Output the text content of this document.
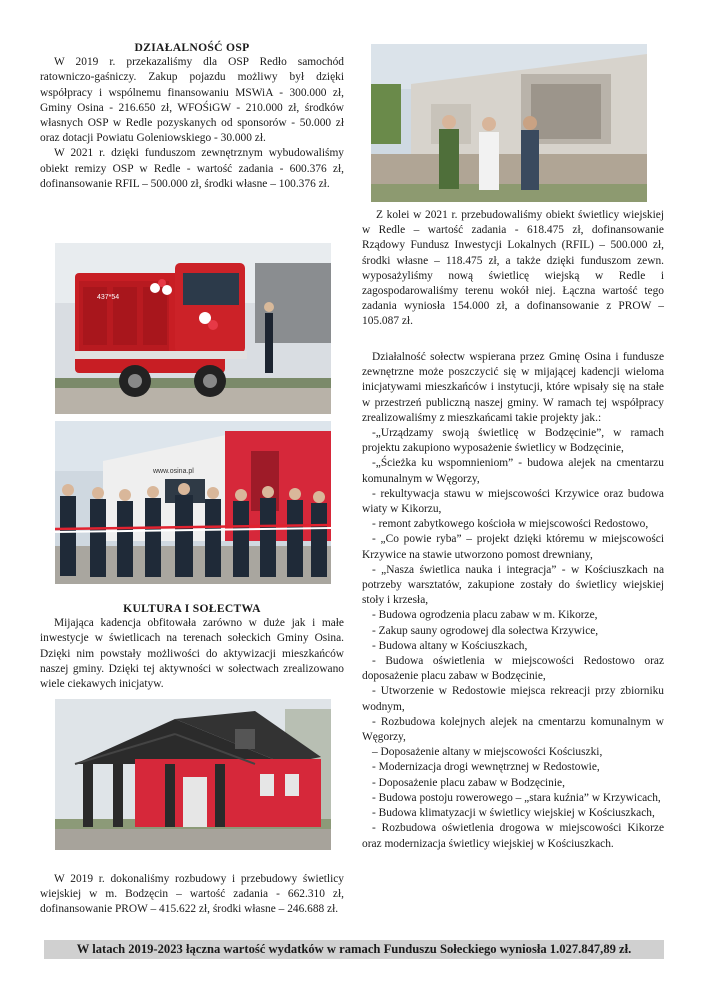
DZIAŁALNOŚĆ OSP

W 2019 r. przekazaliśmy dla OSP Redło samochód ratowniczo-gaśniczy. Zakup pojazdu możliwy był dzięki współpracy i wspólnemu finansowaniu MSWiA - 300.000 zł, Gminy Osina - 216.650 zł, WFOŚiGW - 210.000 zł, środków własnych OSP w Redle pozyskanych od sponsorów - 50.000 zł oraz dotacji Powiatu Goleniowskiego - 30.000 zł.

W 2021 r. dzięki funduszom zewnętrznym wybudowaliśmy obiekt remizy OSP w Redle - wartość zadania - 600.376 zł, dofinansowanie RFIL – 500.000 zł, środki własne – 100.376 zł.

437*54
www.osina.pl

KULTURA I SOŁECTWA

Mijająca kadencja obfitowała zarówno w duże jak i małe inwestycje w świetlicach na terenach sołeckich Gminy Osina. Dzięki nim powstały możliwości do aktywizacji mieszkańców naszej gminy. Dzięki tej aktywności w sołectwach zrealizowano wiele ciekawych inicjatyw.

W 2019 r. dokonaliśmy rozbudowy i przebudowy świetlicy wiejskiej w m. Bodzęcin – wartość zadania - 662.310 zł, dofinansowanie PROW – 415.622 zł, środki własne – 246.688 zł.

Z kolei w 2021 r. przebudowaliśmy obiekt świetlicy wiejskiej w Redle – wartość zadania - 618.475 zł, dofinansowanie Rządowy Fundusz Inwestycji Lokalnych (RFIL) – 500.000 zł, środki własne – 118.475 zł, a także dzięki funduszom zewn. wyposażyliśmy nową świetlicę wiejską w Redle i zagospodarowaliśmy terenu wokół niej. Łączna wartość tego zadania wyniosła 154.000 zł, a dofinansowanie z PROW – 105.087 zł.

Działalność sołectw wspierana przez Gminę Osina i fundusze zewnętrzne może poszczycić się w mijającej kadencji wieloma inicjatywami mieszkańców i instytucji, które wpisały się na stałe w przestrzeń publiczną naszej gminy. W ramach tej współpracy zrealizowaliśmy z mieszkańcami takie projekty jak.:

-„Urządzamy swoją świetlicę w Bodzęcinie”, w ramach projektu zakupiono wyposażenie świetlicy w Bodzęcinie,

-„Ścieżka ku wspomnieniom” - budowa alejek na cmentarzu komunalnym w Węgorzy,

- rekultywacja stawu w miejscowości Krzywice oraz budowa wiaty w Kikorzu,

- remont zabytkowego kościoła w miejscowości Redostowo,

- „Co powie ryba” – projekt dzięki któremu w miejscowości Krzywice na stawie utworzono pomost drewniany,

- „Nasza świetlica nauka i integracja” - w Kościuszkach na potrzeby warsztatów, zakupione zostały do świetlicy wiejskiej stoły i krzesła,

- Budowa ogrodzenia placu zabaw w m. Kikorze,

- Zakup sauny ogrodowej dla sołectwa Krzywice,

- Budowa altany w Kościuszkach,

- Budowa oświetlenia w miejscowości Redostowo oraz doposażenie placu zabaw w Bodzęcinie,

- Utworzenie w Redostowie miejsca rekreacji przy zbiorniku wodnym,

- Rozbudowa kolejnych alejek na cmentarzu komunalnym w Węgorzy,

– Doposażenie altany w miejscowości Kościuszki,

- Modernizacja drogi wewnętrznej w Redostowie,

- Doposażenie placu zabaw w Bodzęcinie,

- Budowa postoju rowerowego – „stara kuźnia” w Krzywicach,

- Budowa klimatyzacji w świetlicy wiejskiej w Kościuszkach,

- Rozbudowa oświetlenia drogowa w miejscowości Kikorze oraz modernizacja świetlicy wiejskiej w Kościuszkach.

W latach 2019-2023 łączna wartość wydatków w ramach Funduszu Sołeckiego wyniosła 1.027.847,89 zł.
